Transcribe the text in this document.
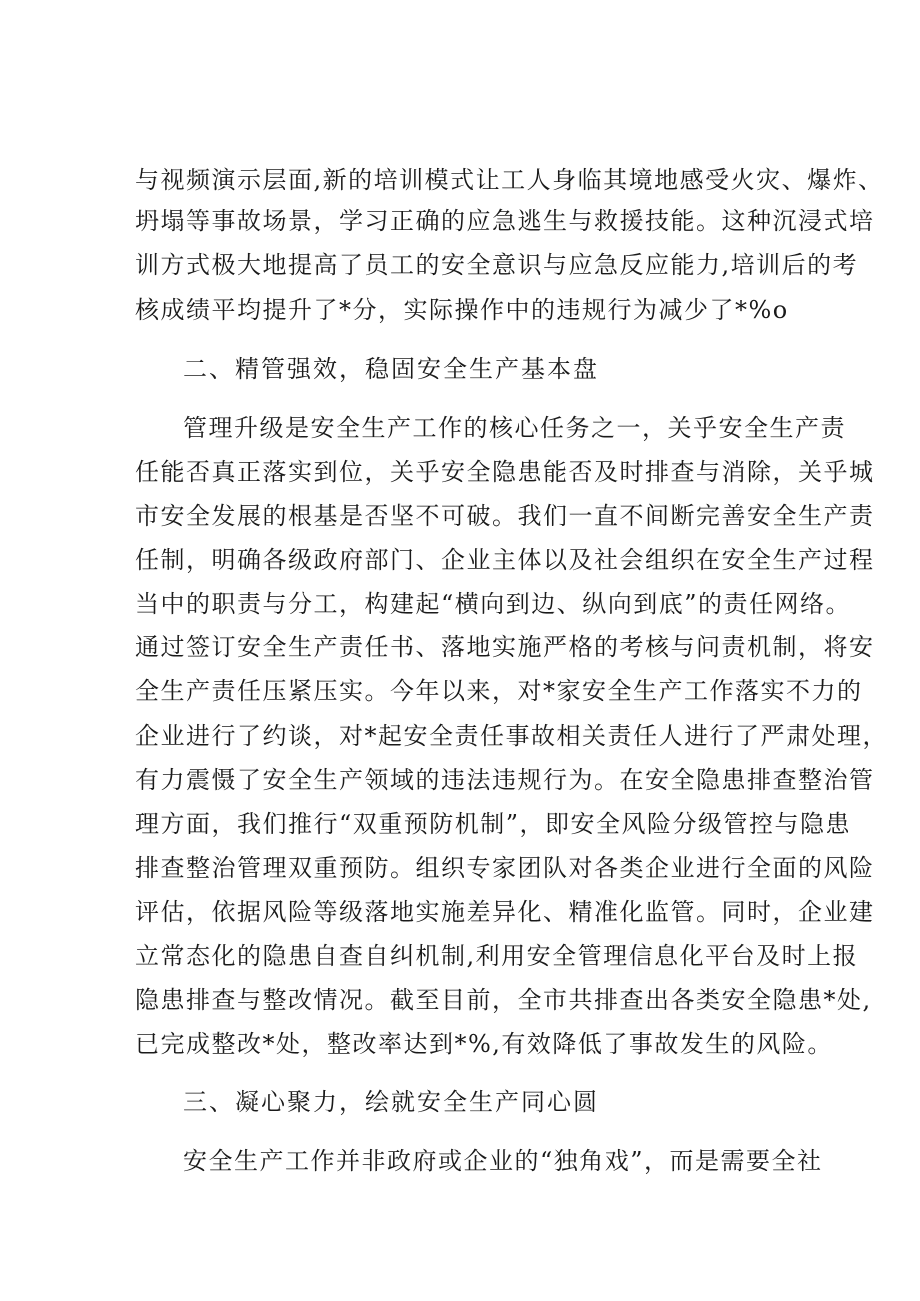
与视频演示层面,新的培训模式让工人身临其境地感受火灾、爆炸、
坍塌等事故场景，学习正确的应急逃生与救援技能。这种沉浸式培
训方式极大地提高了员工的安全意识与应急反应能力,培训后的考
核成绩平均提升了*分，实际操作中的违规行为减少了*%o
二、精管强效，稳固安全生产基本盘
管理升级是安全生产工作的核心任务之一，关乎安全生产责
任能否真正落实到位，关乎安全隐患能否及时排查与消除，关乎城
市安全发展的根基是否坚不可破。我们一直不间断完善安全生产责
任制，明确各级政府部门、企业主体以及社会组织在安全生产过程
当中的职责与分工，构建起“横向到边、纵向到底”的责任网络。
通过签订安全生产责任书、落地实施严格的考核与问责机制，将安
全生产责任压紧压实。今年以来，对*家安全生产工作落实不力的
企业进行了约谈，对*起安全责任事故相关责任人进行了严肃处理，
有力震慑了安全生产领域的违法违规行为。在安全隐患排查整治管
理方面，我们推行“双重预防机制”，即安全风险分级管控与隐患
排查整治管理双重预防。组织专家团队对各类企业进行全面的风险
评估，依据风险等级落地实施差异化、精准化监管。同时，企业建
立常态化的隐患自查自纠机制,利用安全管理信息化平台及时上报
隐患排查与整改情况。截至目前，全市共排查出各类安全隐患*处,
已完成整改*处，整改率达到*%,有效降低了事故发生的风险。
三、凝心聚力，绘就安全生产同心圆
安全生产工作并非政府或企业的“独角戏”，而是需要全社
